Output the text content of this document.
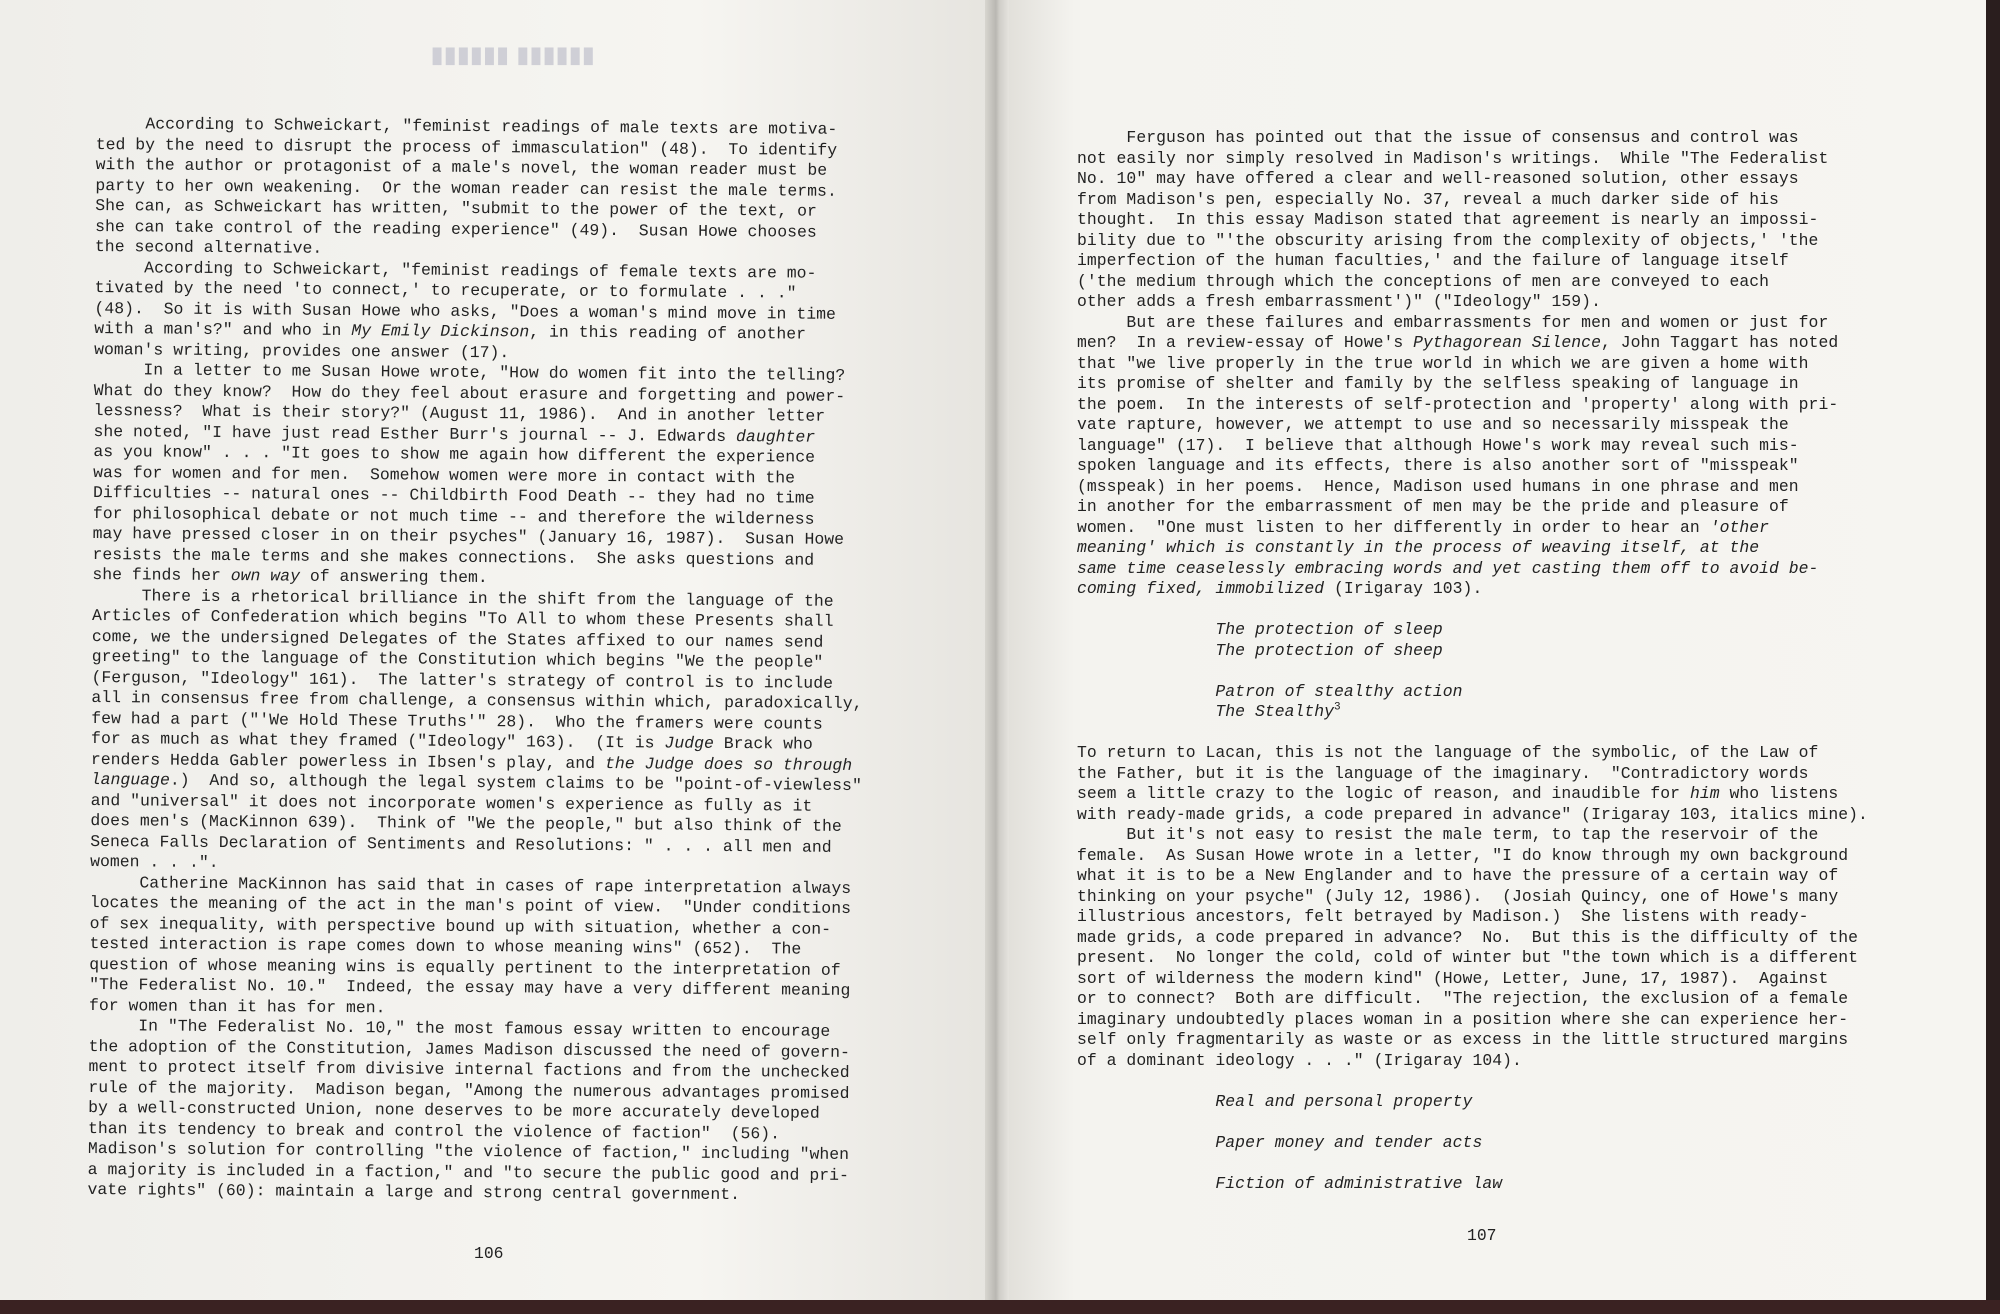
▮▮▮▮▮▮ ▮▮▮▮▮▮
According to Schweickart, "feminist readings of male texts are motiva-
ted by the need to disrupt the process of immasculation" (48).  To identify
with the author or protagonist of a male's novel, the woman reader must be
party to her own weakening.  Or the woman reader can resist the male terms.
She can, as Schweickart has written, "submit to the power of the text, or
she can take control of the reading experience" (49).  Susan Howe chooses
the second alternative.
According to Schweickart, "feminist readings of female texts are mo-
tivated by the need 'to connect,' to recuperate, or to formulate . . ."
(48).  So it is with Susan Howe who asks, "Does a woman's mind move in time
with a man's?" and who in My Emily Dickinson, in this reading of another
woman's writing, provides one answer (17).
In a letter to me Susan Howe wrote, "How do women fit into the telling?
What do they know?  How do they feel about erasure and forgetting and power-
lessness?  What is their story?" (August 11, 1986).  And in another letter
she noted, "I have just read Esther Burr's journal -- J. Edwards daughter
as you know" . . . "It goes to show me again how different the experience
was for women and for men.  Somehow women were more in contact with the
Difficulties -- natural ones -- Childbirth Food Death -- they had no time
for philosophical debate or not much time -- and therefore the wilderness
may have pressed closer in on their psyches" (January 16, 1987).  Susan Howe
resists the male terms and she makes connections.  She asks questions and
she finds her own way of answering them.
There is a rhetorical brilliance in the shift from the language of the
Articles of Confederation which begins "To All to whom these Presents shall
come, we the undersigned Delegates of the States affixed to our names send
greeting" to the language of the Constitution which begins "We the people"
(Ferguson, "Ideology" 161).  The latter's strategy of control is to include
all in consensus free from challenge, a consensus within which, paradoxically,
few had a part ("'We Hold These Truths'" 28).  Who the framers were counts
for as much as what they framed ("Ideology" 163).  (It is Judge Brack who
renders Hedda Gabler powerless in Ibsen's play, and the Judge does so through
language.)  And so, although the legal system claims to be "point-of-viewless"
and "universal" it does not incorporate women's experience as fully as it
does men's (MacKinnon 639).  Think of "We the people," but also think of the
Seneca Falls Declaration of Sentiments and Resolutions: " . . . all men and
women . . .".
Catherine MacKinnon has said that in cases of rape interpretation always
locates the meaning of the act in the man's point of view.  "Under conditions
of sex inequality, with perspective bound up with situation, whether a con-
tested interaction is rape comes down to whose meaning wins" (652).  The
question of whose meaning wins is equally pertinent to the interpretation of
"The Federalist No. 10."  Indeed, the essay may have a very different meaning
for women than it has for men.
In "The Federalist No. 10," the most famous essay written to encourage
the adoption of the Constitution, James Madison discussed the need of govern-
ment to protect itself from divisive internal factions and from the unchecked
rule of the majority.  Madison began, "Among the numerous advantages promised
by a well-constructed Union, none deserves to be more accurately developed
than its tendency to break and control the violence of faction"  (56).
Madison's solution for controlling "the violence of faction," including "when
a majority is included in a faction," and "to secure the public good and pri-
vate rights" (60): maintain a large and strong central government.
106
Ferguson has pointed out that the issue of consensus and control was
not easily nor simply resolved in Madison's writings.  While "The Federalist
No. 10" may have offered a clear and well-reasoned solution, other essays
from Madison's pen, especially No. 37, reveal a much darker side of his
thought.  In this essay Madison stated that agreement is nearly an impossi-
bility due to "'the obscurity arising from the complexity of objects,' 'the
imperfection of the human faculties,' and the failure of language itself
('the medium through which the conceptions of men are conveyed to each
other adds a fresh embarrassment')" ("Ideology" 159).
But are these failures and embarrassments for men and women or just for
men?  In a review-essay of Howe's Pythagorean Silence, John Taggart has noted
that "we live properly in the true world in which we are given a home with
its promise of shelter and family by the selfless speaking of language in
the poem.  In the interests of self-protection and 'property' along with pri-
vate rapture, however, we attempt to use and so necessarily misspeak the
language" (17).  I believe that although Howe's work may reveal such mis-
spoken language and its effects, there is also another sort of "misspeak"
(msspeak) in her poems.  Hence, Madison used humans in one phrase and men
in another for the embarrassment of men may be the pride and pleasure of
women.  "One must listen to her differently in order to hear an 'other
meaning' which is constantly in the process of weaving itself, at the
same time ceaselessly embracing words and yet casting them off to avoid be-
coming fixed, immobilized (Irigaray 103).
The protection of sleep
The protection of sheep
Patron of stealthy action
The Stealthy$^3$
To return to Lacan, this is not the language of the symbolic, of the Law of
the Father, but it is the language of the imaginary.  "Contradictory words
seem a little crazy to the logic of reason, and inaudible for him who listens
with ready-made grids, a code prepared in advance" (Irigaray 103, italics mine).
But it's not easy to resist the male term, to tap the reservoir of the
female.  As Susan Howe wrote in a letter, "I do know through my own background
what it is to be a New Englander and to have the pressure of a certain way of
thinking on your psyche" (July 12, 1986).  (Josiah Quincy, one of Howe's many
illustrious ancestors, felt betrayed by Madison.)  She listens with ready-
made grids, a code prepared in advance?  No.  But this is the difficulty of the
present.  No longer the cold, cold of winter but "the town which is a different
sort of wilderness the modern kind" (Howe, Letter, June, 17, 1987).  Against
or to connect?  Both are difficult.  "The rejection, the exclusion of a female
imaginary undoubtedly places woman in a position where she can experience her-
self only fragmentarily as waste or as excess in the little structured margins
of a dominant ideology . . ." (Irigaray 104).
Real and personal property
Paper money and tender acts
Fiction of administrative law
107
